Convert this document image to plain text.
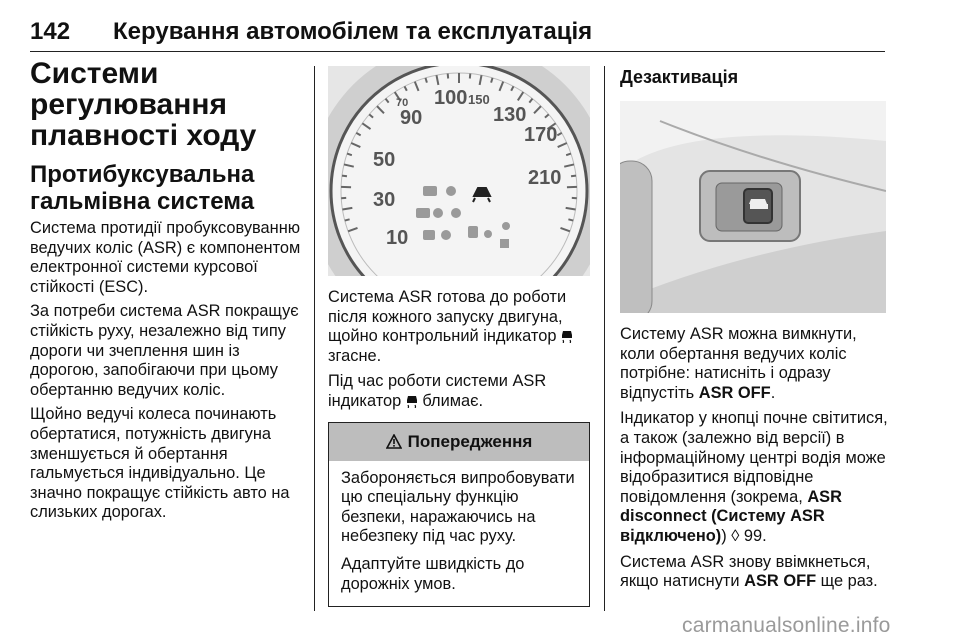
142 Керування автомобілем та експлуатація
Системи регулювання плавності ходу
Протибуксувальна гальмівна система

Система протидії пробуксовуванню ведучих коліс (ASR) є компонентом електронної системи курсової стійкості (ESC).

За потреби система ASR покращує стійкість руху, незалежно від типу дороги чи зчеплення шин із дорогою, запобігаючи при цьому обертанню ведучих коліс.

Щойно ведучі колеса починають обертатися, потужність двигуна зменшується й обертання гальмується індивідуально. Це значно покращує стійкість авто на слизьких дорогах.

50
90	130
170
30
10
100
210
150
70

Система ASR готова до роботи після кожного запуску двигуна, щойно контрольний індикатор  згасне.

Під час роботи системи ASR індикатор  блимає.

Попередження

Забороняється випробовувати цю спеціальну функцію безпеки, наражаючись на небезпеку під час руху.

Адаптуйте швидкість до дорожніх умов.

Дезактивація

Систему ASR можна вимкнути, коли обертання ведучих коліс потрібне: натисніть і одразу відпустіть ASR OFF.

Індикатор у кнопці почне світитися, а також (залежно від версії) в інформаційному центрі водія може відобразитися відповідне повідомлення (зокрема, ASR disconnect (Систему ASR відключено)) ◊ 99.

Система ASR знову ввімкнеться, якщо натиснути ASR OFF ще раз.

carmanualsonline.info
